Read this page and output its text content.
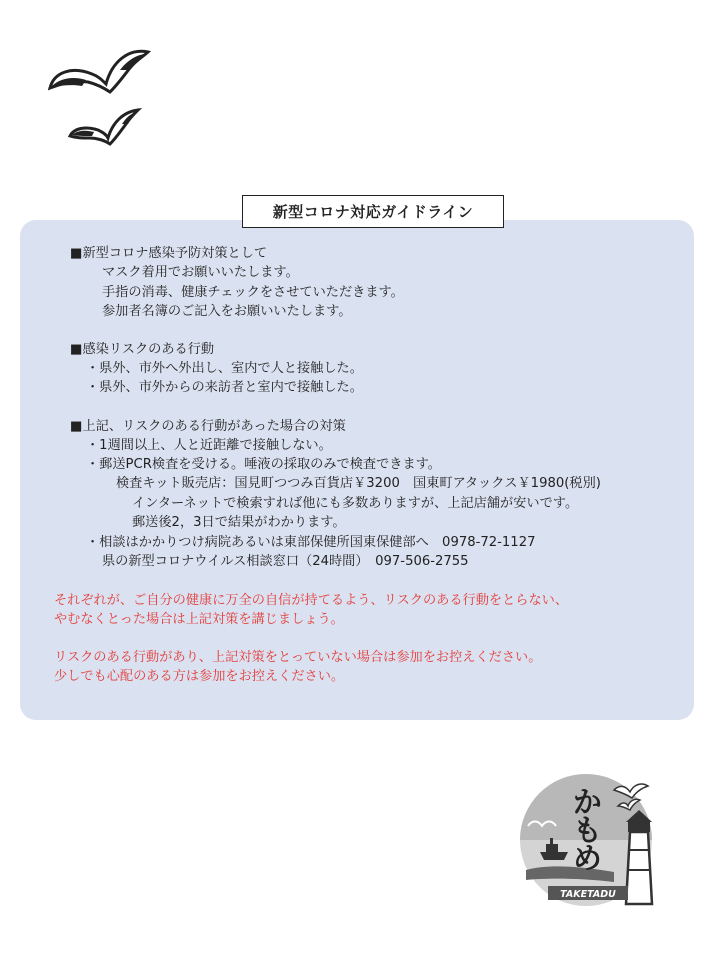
新型コロナ対応ガイドライン
■新型コロナ感染予防対策として
マスク着用でお願いいたします。
手指の消毒、健康チェックをさせていただきます。
参加者名簿のご記入をお願いいたします。
■感染リスクのある行動
・県外、市外へ外出し、室内で人と接触した。
・県外、市外からの来訪者と室内で接触した。
■上記、リスクのある行動があった場合の対策
・1週間以上、人と近距離で接触しない。
・郵送PCR検査を受ける。唾液の採取のみで検査できます。
検査キット販売店：国見町つつみ百貨店￥3200　国東町アタックス￥1980(税別)
インターネットで検索すれば他にも多数ありますが、上記店舗が安いです。
郵送後2，3日で結果がわかります。
・相談はかかりつけ病院あるいは東部保健所国東保健部へ　0978-72-1127
県の新型コロナウイルス相談窓口（24時間）　097-506-2755
それぞれが、ご自分の健康に万全の自信が持てるよう、リスクのある行動をとらない、
やむなくとった場合は上記対策を講じましょう。
リスクのある行動があり、上記対策をとっていない場合は参加をお控えください。
少しでも心配のある方は参加をお控えください。
かもめ
TAKETADU
